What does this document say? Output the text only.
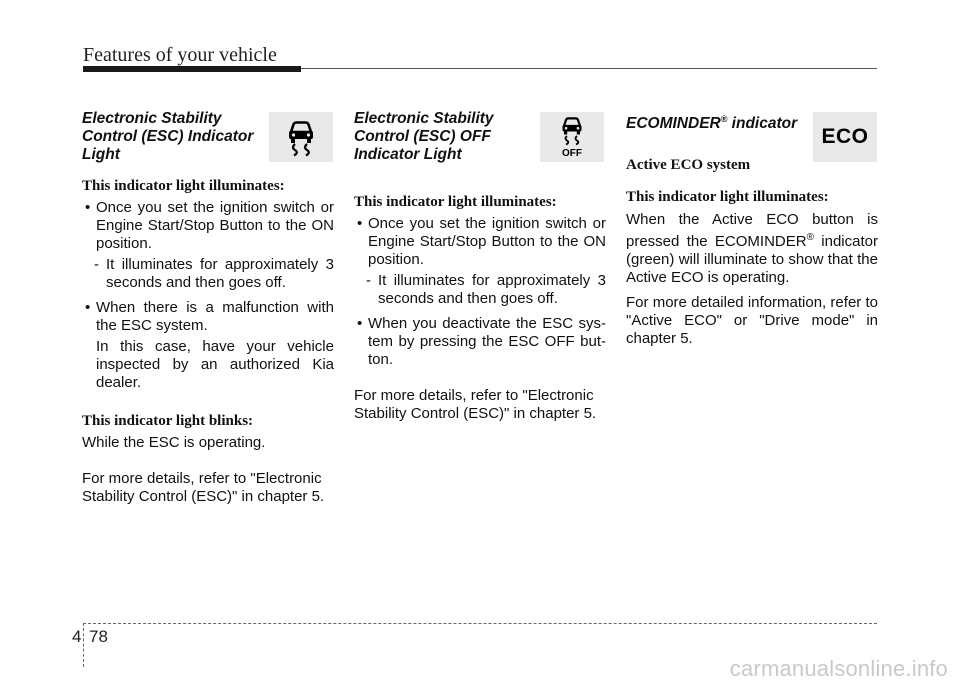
Features of your vehicle
OFF
ECO

Electronic Stability Control (ESC) Indicator Light

This indicator light illuminates:

• Once you set the ignition switch or Engine Start/Stop Button to the ON position.

- It illuminates for approximately 3 seconds and then goes off.

• When there is a malfunction with the ESC system.

In this case, have your vehicle inspected by an authorized Kia dealer.

This indicator light blinks:

While the ESC is operating.

For more details, refer to "Electronic Stability Control (ESC)" in chapter 5.

Electronic Stability Control (ESC) OFF Indicator Light

This indicator light illuminates:

• Once you set the ignition switch or Engine Start/Stop Button to the ON position.

- It illuminates for approximately 3 seconds and then goes off.

• When you deactivate the ESC sys-tem by pressing the ESC OFF but-ton.

For more details, refer to "Electronic Stability Control (ESC)" in chapter 5.

ECOMINDER® indicator

Active ECO system

This indicator light illuminates:

When the Active ECO button is pressed the ECOMINDER® indicator (green) will illuminate to show that the Active ECO is operating.

For more detailed information, refer to "Active ECO" or "Drive mode" in chapter 5.

4 78
carmanualsonline.info
